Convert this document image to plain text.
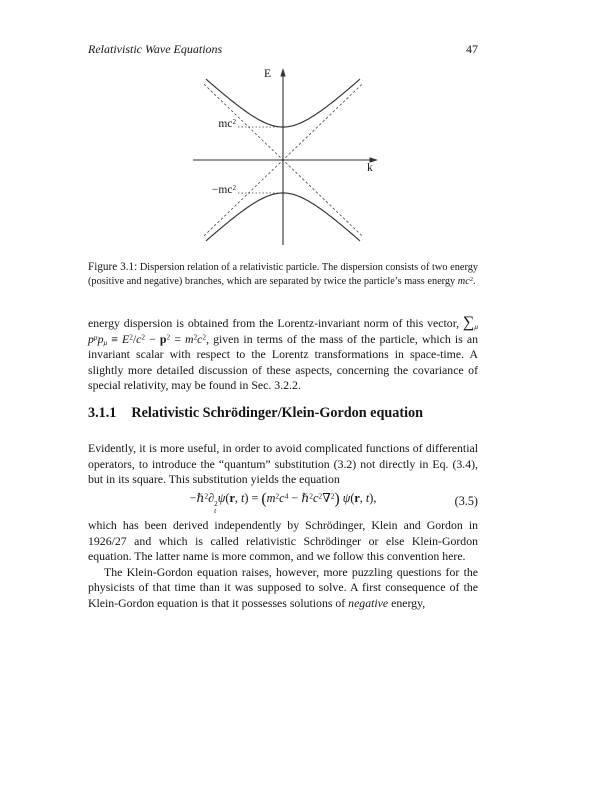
Relativistic Wave Equations	47
E
k
$mc^2$
$-mc^2$

Figure 3.1: Dispersion relation of a relativistic particle. The dispersion consists of two energy (positive and negative) branches, which are separated by twice the particle’s mass energy $mc^2$.

energy dispersion is obtained from the Lorentz-invariant norm of this vector, $\sum_\mu$ $p^\mu p_\mu \equiv E^2/c^2 - p^2 = m^2c^2$, given in terms of the mass of the particle, which is an invariant scalar with respect to the Lorentz transformations in space-time. A slightly more detailed discussion of these aspects, concerning the covariance of special relativity, may be found in Sec. 3.2.2.

3.1.1 Relativistic Schrödinger/Klein-Gordon equation

Evidently, it is more useful, in order to avoid complicated functions of differential operators, to introduce the “quantum” substitution (3.2) not directly in Eq. (3.4), but in its square. This substitution yields the equation

−ℏ$^2$∂ 2
t
ψ(r, $t) = (m^2c^4$ − $\hbar^2c^2\nabla^2$) ψ(r, t),	(3.5)

which has been derived independently by Schrödinger, Klein and Gordon in 1926/27 and which is called relativistic Schrödinger or else Klein-Gordon equation. The latter name is more common, and we follow this convention here.

The Klein-Gordon equation raises, however, more puzzling questions for the physicists of that time than it was supposed to solve. A first consequence of the Klein-Gordon equation is that it possesses solutions of negative energy,
